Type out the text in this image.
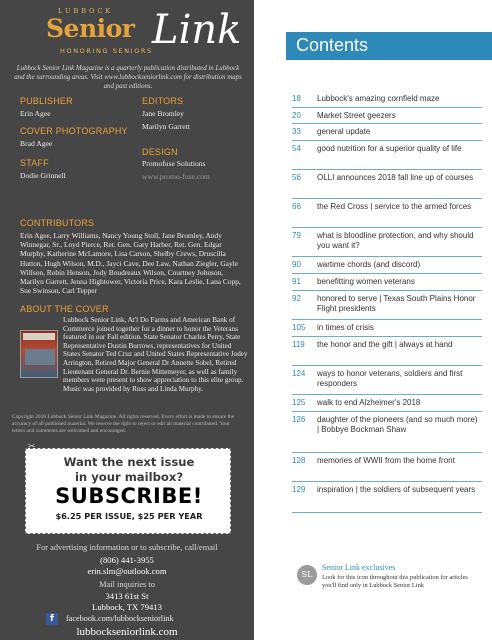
LUBBOCK
Senior Link
HONORING SENIORS
Lubbock Senior Link Magazine is a quarterly publication distributed in Lubbock and the surrounding areas. Visit www.lubbockseniorlink.com for distribution maps and past editions.
PUBLISHER
Erin Agee
EDITORS
Jane Bromley
Marilyn Garrett
COVER PHOTOGRAPHY
Brad Agee
DESIGN
Promofuse Solutions
www.promo-fuse.com
STAFF
Dodie Grinnell
CONTRIBUTORS
Erin Agee, Larry Williams, Nancy Young Stoll, Jane Bromley, Andy Winnegar, Sr., Loyd Pierce, Ret. Gen. Gary Harber, Ret. Gen. Edgar Murphy, Katherine McLamore, Lisa Carson, Shelby Crews, Druscilla Hutton, Hugh Wilson, M.D., Jayci Cave, Dee Law, Nathan Ziegler, Gayle Willson, Robin Henson, Jody Boudreaux Wilson, Courtney Johnson, Marilyn Garrett, Jenna Hightower, Victoria Price, Kara Leslie, Lana Copp, Sue Swinson, Carl Tepper
ABOUT THE COVER
Lubbock Senior Link, At'l Do Farms and American Bank of Commerce joined together for a dinner to honor the Veterans featured in our Fall edition. State Senator Charles Perry, State Representative Dustin Burrows, representatives for United States Senator Ted Cruz and United States Representative Jodey Arrington, Retired Major General Dr Annette Sobel, Retired Lieutenant General Dr. Bernie Mittemeyer, as well as family members were present to show appreciation to this elite group. Music was provided by Russ and Linda Murphy.
Copyright 2018 Lubbock Senior Link Magazine. All rights reserved. Every effort is made to ensure the accuracy of all published material. We reserve the right to reject or edit all material contributed. Your letters and comments are welcomed and encouraged.
✂
Want the next issue
in your mailbox?
SUBSCRIBE!
$6.25 PER ISSUE, $25 PER YEAR
For advertising information or to subscribe, call/email
(806) 441-3955
erin.slm@outlook.com
Mail inquiries to
3413 61st St
Lubbock, TX 79413
f	facebook.com/lubbockseniorlink
Contents
18	Lubbock's amazing cornfield maze
20	Market Street geezers
33	general update
54	good nutrition for a superior quality of life
56	OLLI announces 2018 fall line up of courses
66	the Red Cross | service to the armed forces
79	what is bloodline protection, and why should you want it?
90	wartime chords (and discord)
91	benefitting women veterans
92	honored to serve | Texas South Plains Honor Flight presidents
105	in times of crisis
119	the honor and the gift | always at hand
124	ways to honor veterans, soldiers and first responders
125	walk to end Alzheimer's 2018
126	daughter of the pioneers (and so much more) | Bobbye Bockman Shaw
128	memories of WWII from the home front
129	inspiration | the soldiers of subsequent years
SL
Senior Link exclusives
Look for this icon throughout this publication for articles you'll find only in Lubbock Senior Link
lubbockseniorlink.com
